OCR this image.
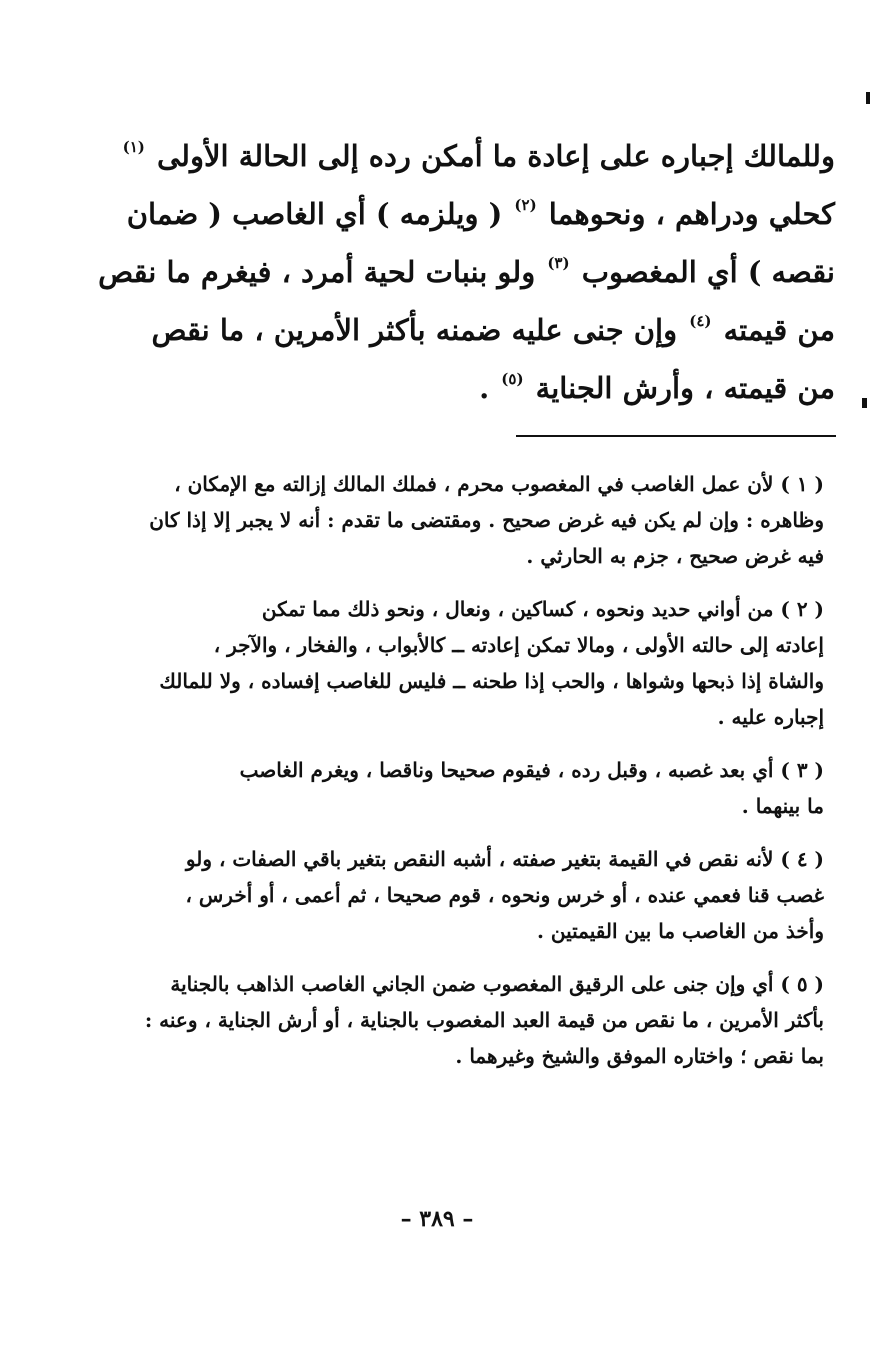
وللمالك إجباره على إعادة ما أمكن رده إلى الحالة الأولى $^{(١)}$
كحلي ودراهم ، ونحوهما $^{(٢)}$ ( ويلزمه ) أي الغاصب ( ضمان
نقصه ) أي المغصوب $^{(٣)}$ ولو بنبات لحية أمرد ، فيغرم ما نقص
من قيمته $^{(٤)}$ وإن جنى عليه ضمنه بأكثر الأمرين ، ما نقص
من قيمته ، وأرش الجناية $^{(٥)}$ .
( ١ ) لأن عمل الغاصب في المغصوب محرم ، فملك المالك إزالته مع الإمكان ،
وظاهره : وإن لم يكن فيه غرض صحيح . ومقتضى ما تقدم : أنه لا يجبر إلا إذا كان
فيه غرض صحيح ، جزم به الحارثي .
( ٢ ) من أواني حديد ونحوه ، كساكين ، ونعال ، ونحو ذلك مما تمكن
إعادته إلى حالته الأولى ، ومالا تمكن إعادته ــ كالأبواب ، والفخار ، والآجر ،
والشاة إذا ذبحها وشواها ، والحب إذا طحنه ــ فليس للغاصب إفساده ، ولا للمالك
إجباره عليه .
( ٣ ) أي بعد غصبه ، وقبل رده ، فيقوم صحيحا وناقصا ، ويغرم الغاصب
ما بينهما .
( ٤ ) لأنه نقص في القيمة بتغير صفته ، أشبه النقص بتغير باقي الصفات ، ولو
غصب قنا فعمي عنده ، أو خرس ونحوه ، قوم صحيحا ، ثم أعمى ، أو أخرس ،
وأخذ من الغاصب ما بين القيمتين .
( ٥ ) أي وإن جنى على الرقيق المغصوب ضمن الجاني الغاصب الذاهب بالجناية
بأكثر الأمرين ، ما نقص من قيمة العبد المغصوب بالجناية ، أو أرش الجناية ، وعنه :
بما نقص ؛ واختاره الموفق والشيخ وغيرهما .
– ٣٨٩ –
